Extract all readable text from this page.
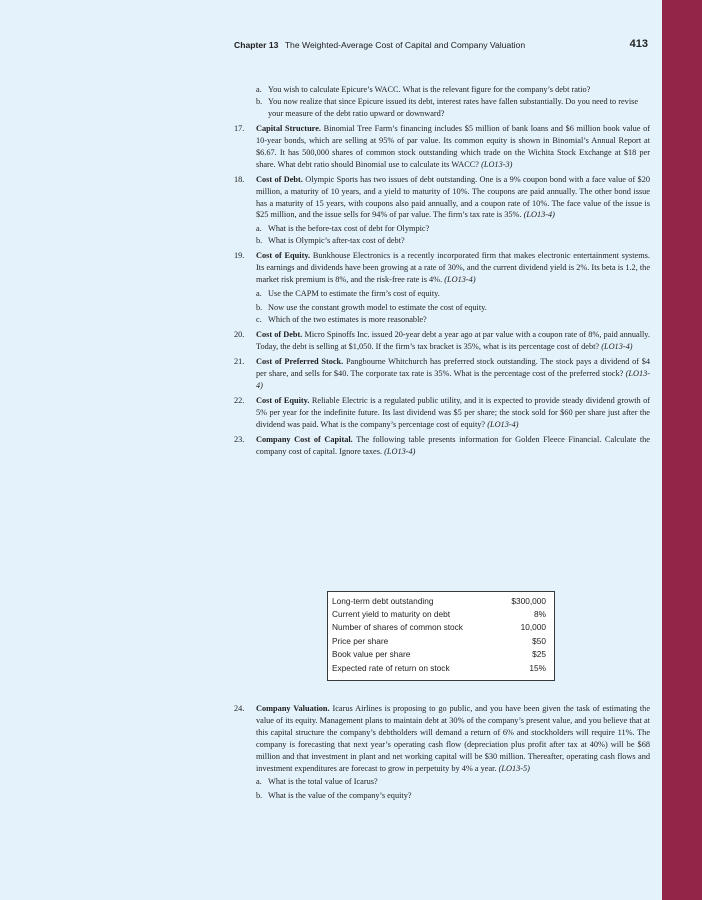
Chapter 13 The Weighted-Average Cost of Capital and Company Valuation	413

a. You wish to calculate Epicure’s WACC. What is the relevant figure for the company’s debt ratio?

b. You now realize that since Epicure issued its debt, interest rates have fallen substantially. Do you need to revise your measure of the debt ratio upward or downward?

17. Capital Structure. Binomial Tree Farm’s financing includes $5 million of bank loans and $6 million book value of 10-year bonds, which are selling at 95% of par value. Its common equity is shown in Binomial’s Annual Report at $6.67. It has 500,000 shares of common stock outstanding which trade on the Wichita Stock Exchange at $18 per share. What debt ratio should Binomial use to calculate its WACC? (LO13-3)

18. Cost of Debt. Olympic Sports has two issues of debt outstanding. One is a 9% coupon bond with a face value of $20 million, a maturity of 10 years, and a yield to maturity of 10%. The coupons are paid annually. The other bond issue has a maturity of 15 years, with coupons also paid annually, and a coupon rate of 10%. The face value of the issue is $25 million, and the issue sells for 94% of par value. The firm’s tax rate is 35%. (LO13-4)

a. What is the before-tax cost of debt for Olympic?

b. What is Olympic’s after-tax cost of debt?

19. Cost of Equity. Bunkhouse Electronics is a recently incorporated firm that makes electronic entertainment systems. Its earnings and dividends have been growing at a rate of 30%, and the current dividend yield is 2%. Its beta is 1.2, the market risk premium is 8%, and the risk-free rate is 4%. (LO13-4)

a. Use the CAPM to estimate the firm’s cost of equity.

b. Now use the constant growth model to estimate the cost of equity.

c. Which of the two estimates is more reasonable?

20. Cost of Debt. Micro Spinoffs Inc. issued 20-year debt a year ago at par value with a coupon rate of 8%, paid annually. Today, the debt is selling at $1,050. If the firm’s tax bracket is 35%, what is its percentage cost of debt? (LO13-4)

21. Cost of Preferred Stock. Pangbourne Whitchurch has preferred stock outstanding. The stock pays a dividend of $4 per share, and sells for $40. The corporate tax rate is 35%. What is the percentage cost of the preferred stock? (LO13-4)

22. Cost of Equity. Reliable Electric is a regulated public utility, and it is expected to provide steady dividend growth of 5% per year for the indefinite future. Its last dividend was $5 per share; the stock sold for $60 per share just after the dividend was paid. What is the company’s percentage cost of equity? (LO13-4)

23. Company Cost of Capital. The following table presents information for Golden Fleece Financial. Calculate the company cost of capital. Ignore taxes. (LO13-4)

Long-term debt outstanding	$300,000
Current yield to maturity on debt	8%
Number of shares of common stock	10,000
Price per share	$50
Book value per share	$25
Expected rate of return on stock	15%

24. Company Valuation. Icarus Airlines is proposing to go public, and you have been given the task of estimating the value of its equity. Management plans to maintain debt at 30% of the company’s present value, and you believe that at this capital structure the company’s debtholders will demand a return of 6% and stockholders will require 11%. The company is forecasting that next year’s operating cash flow (depreciation plus profit after tax at 40%) will be $68 million and that investment in plant and net working capital will be $30 million. Thereafter, operating cash flows and investment expenditures are forecast to grow in perpetuity by 4% a year. (LO13-5)

a. What is the total value of Icarus?

b. What is the value of the company’s equity?
